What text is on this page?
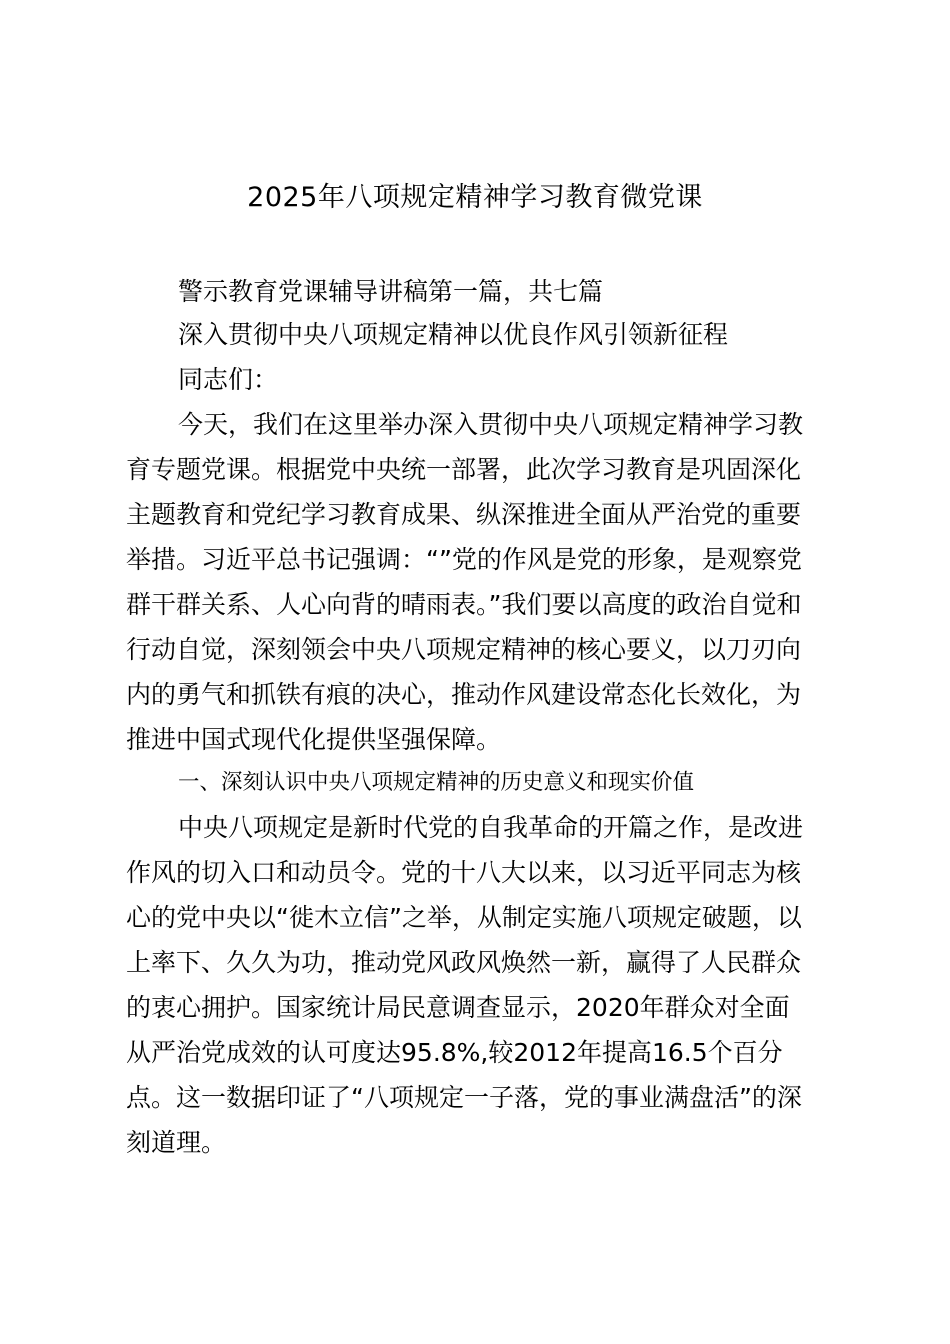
2025年八项规定精神学习教育微党课
警示教育党课辅导讲稿第一篇，共七篇
深入贯彻中央八项规定精神以优良作风引领新征程
同志们：
今天，我们在这里举办深入贯彻中央八项规定精神学习教
育专题党课。根据党中央统一部署，此次学习教育是巩固深化
主题教育和党纪学习教育成果、纵深推进全面从严治党的重要
举措。习近平总书记强调：“”党的作风是党的形象，是观察党
群干群关系、人心向背的晴雨表。”我们要以高度的政治自觉和
行动自觉，深刻领会中央八项规定精神的核心要义，以刀刃向
内的勇气和抓铁有痕的决心，推动作风建设常态化长效化，为
推进中国式现代化提供坚强保障。
一、深刻认识中央八项规定精神的历史意义和现实价值
中央八项规定是新时代党的自我革命的开篇之作，是改进
作风的切入口和动员令。党的十八大以来，以习近平同志为核
心的党中央以“徙木立信”之举，从制定实施八项规定破题，以
上率下、久久为功，推动党风政风焕然一新，赢得了人民群众
的衷心拥护。国家统计局民意调查显示，2020年群众对全面
从严治党成效的认可度达95.8%,较2012年提高16.5个百分
点。这一数据印证了“八项规定一子落，党的事业满盘活”的深
刻道理。
